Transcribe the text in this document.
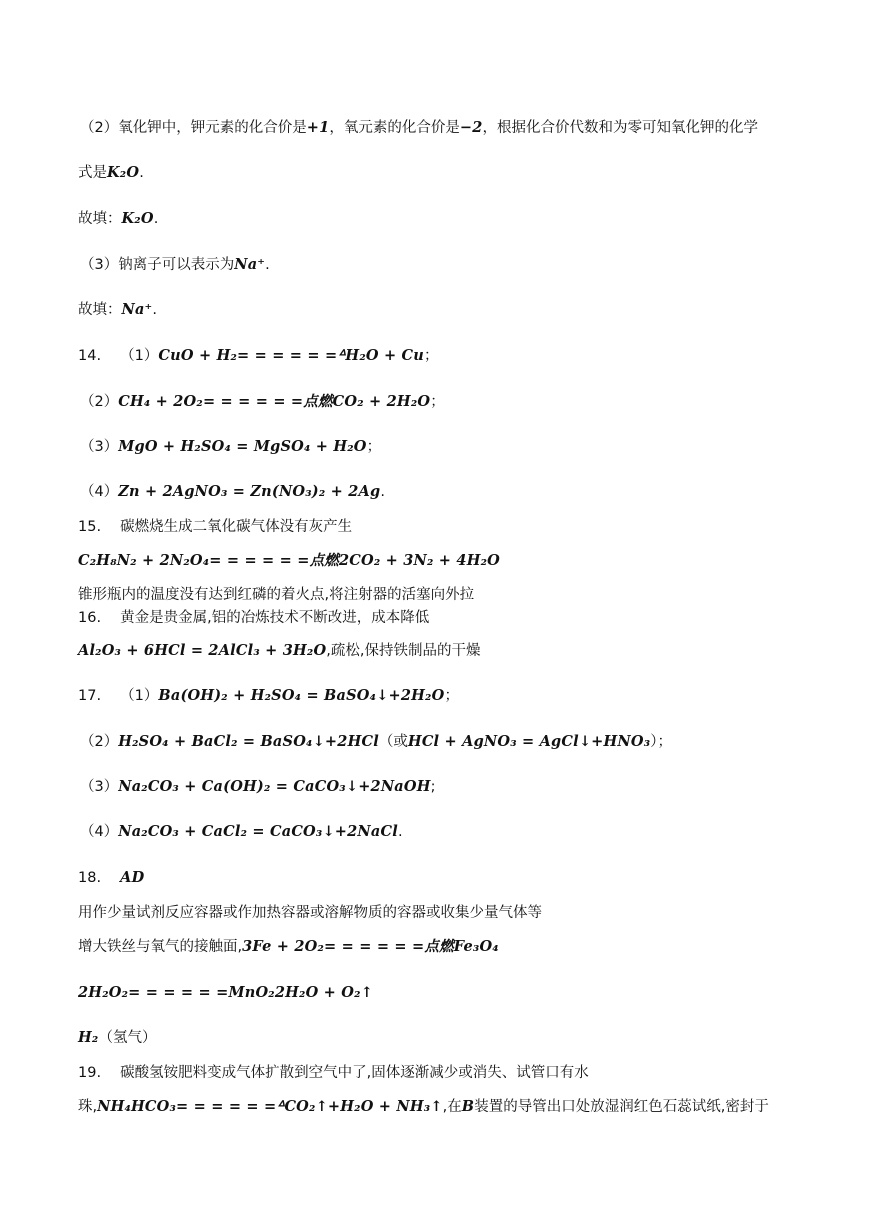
（2）氧化钾中，钾元素的化合价是+1，氧元素的化合价是−2，根据化合价代数和为零可知氧化钾的化学
式是K₂O.
故填：K₂O.
（3）钠离子可以表示为Na⁺.
故填：Na⁺.
14.　 （1）CuO + H₂= = = = = =ᐞH₂O + Cu；
（2）CH₄ + 2O₂= = = = = =点燃CO₂ + 2H₂O；
（3）MgO + H₂SO₄ = MgSO₄ + H₂O；
（4）Zn + 2AgNO₃ = Zn(NO₃)₂ + 2Ag.
15.　 碳燃烧生成二氧化碳气体没有灰产生
C₂H₈N₂ + 2N₂O₄= = = = = =点燃2CO₂ + 3N₂ + 4H₂O
锥形瓶内的温度没有达到红磷的着火点,将注射器的活塞向外拉
16.　 黄金是贵金属,铝的冶炼技术不断改进，成本降低
Al₂O₃ + 6HCl = 2AlCl₃ + 3H₂O,疏松,保持铁制品的干燥
17.　 （1）Ba(OH)₂ + H₂SO₄ = BaSO₄↓+2H₂O；
（2）H₂SO₄ + BaCl₂ = BaSO₄↓+2HCl（或HCl + AgNO₃ = AgCl↓+HNO₃）；
（3）Na₂CO₃ + Ca(OH)₂ = CaCO₃↓+2NaOH;
（4）Na₂CO₃ + CaCl₂ = CaCO₃↓+2NaCl.
18.　 AD
用作少量试剂反应容器或作加热容器或溶解物质的容器或收集少量气体等
增大铁丝与氧气的接触面,3Fe + 2O₂= = = = = =点燃Fe₃O₄
2H₂O₂= = = = = =MnO₂2H₂O + O₂↑
H₂（氢气）
19.　 碳酸氢铵肥料变成气体扩散到空气中了,固体逐渐减少或消失、试管口有水
珠,NH₄HCO₃= = = = = =ᐞCO₂↑+H₂O + NH₃↑,在B装置的导管出口处放湿润红色石蕊试纸,密封于
